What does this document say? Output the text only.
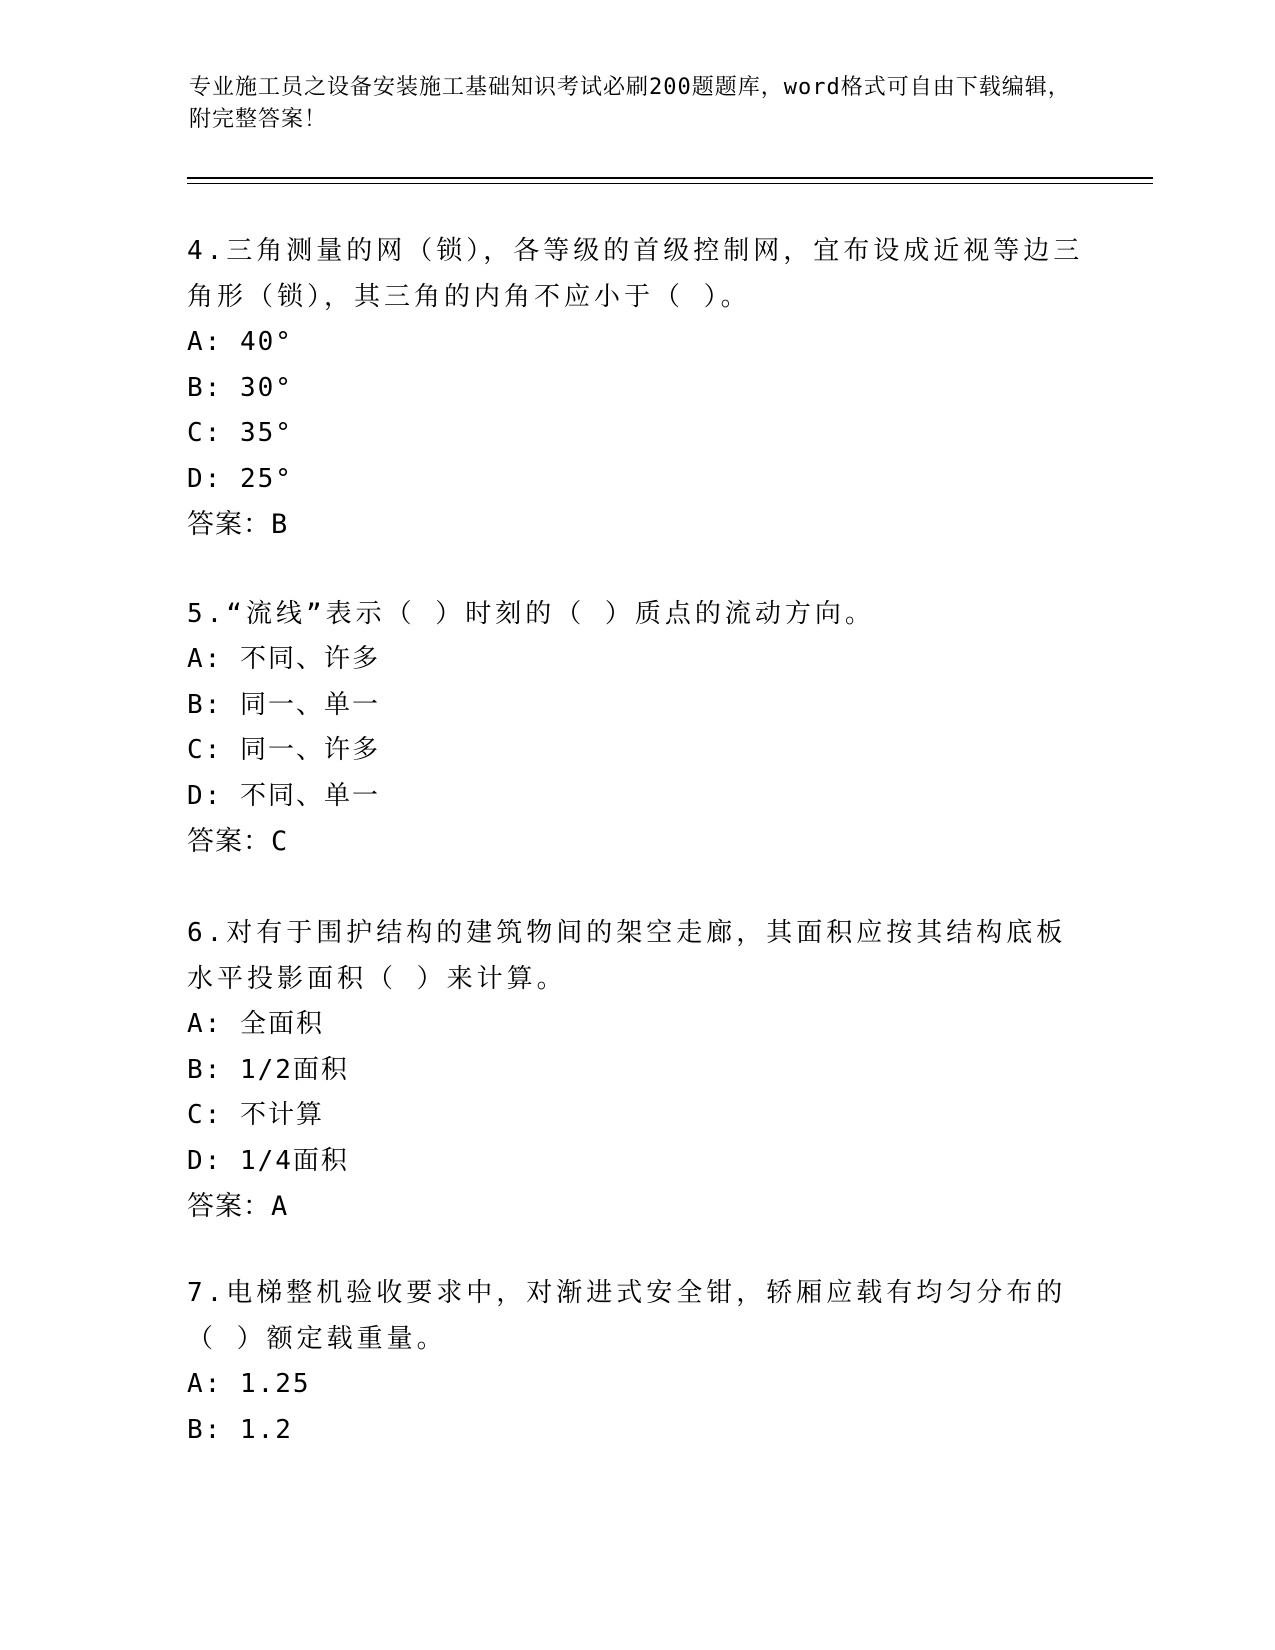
专业施工员之设备安装施工基础知识考试必刷200题题库，word格式可自由下载编辑，附完整答案！

4.三角测量的网（锁），各等级的首级控制网，宜布设成近视等边三角形（锁），其三角的内角不应小于（ ）。

A: 40°

B: 30°

C: 35°

D: 25°

答案：B

5.“流线”表示（ ）时刻的（ ）质点的流动方向。

A: 不同、许多

B: 同一、单一

C: 同一、许多

D: 不同、单一

答案：C

6.对有于围护结构的建筑物间的架空走廊，其面积应按其结构底板水平投影面积（ ）来计算。

A: 全面积

B: 1/2面积

C: 不计算

D: 1/4面积

答案：A

7.电梯整机验收要求中，对渐进式安全钳，轿厢应载有均匀分布的（ ）额定载重量。

A: 1.25

B: 1.2
